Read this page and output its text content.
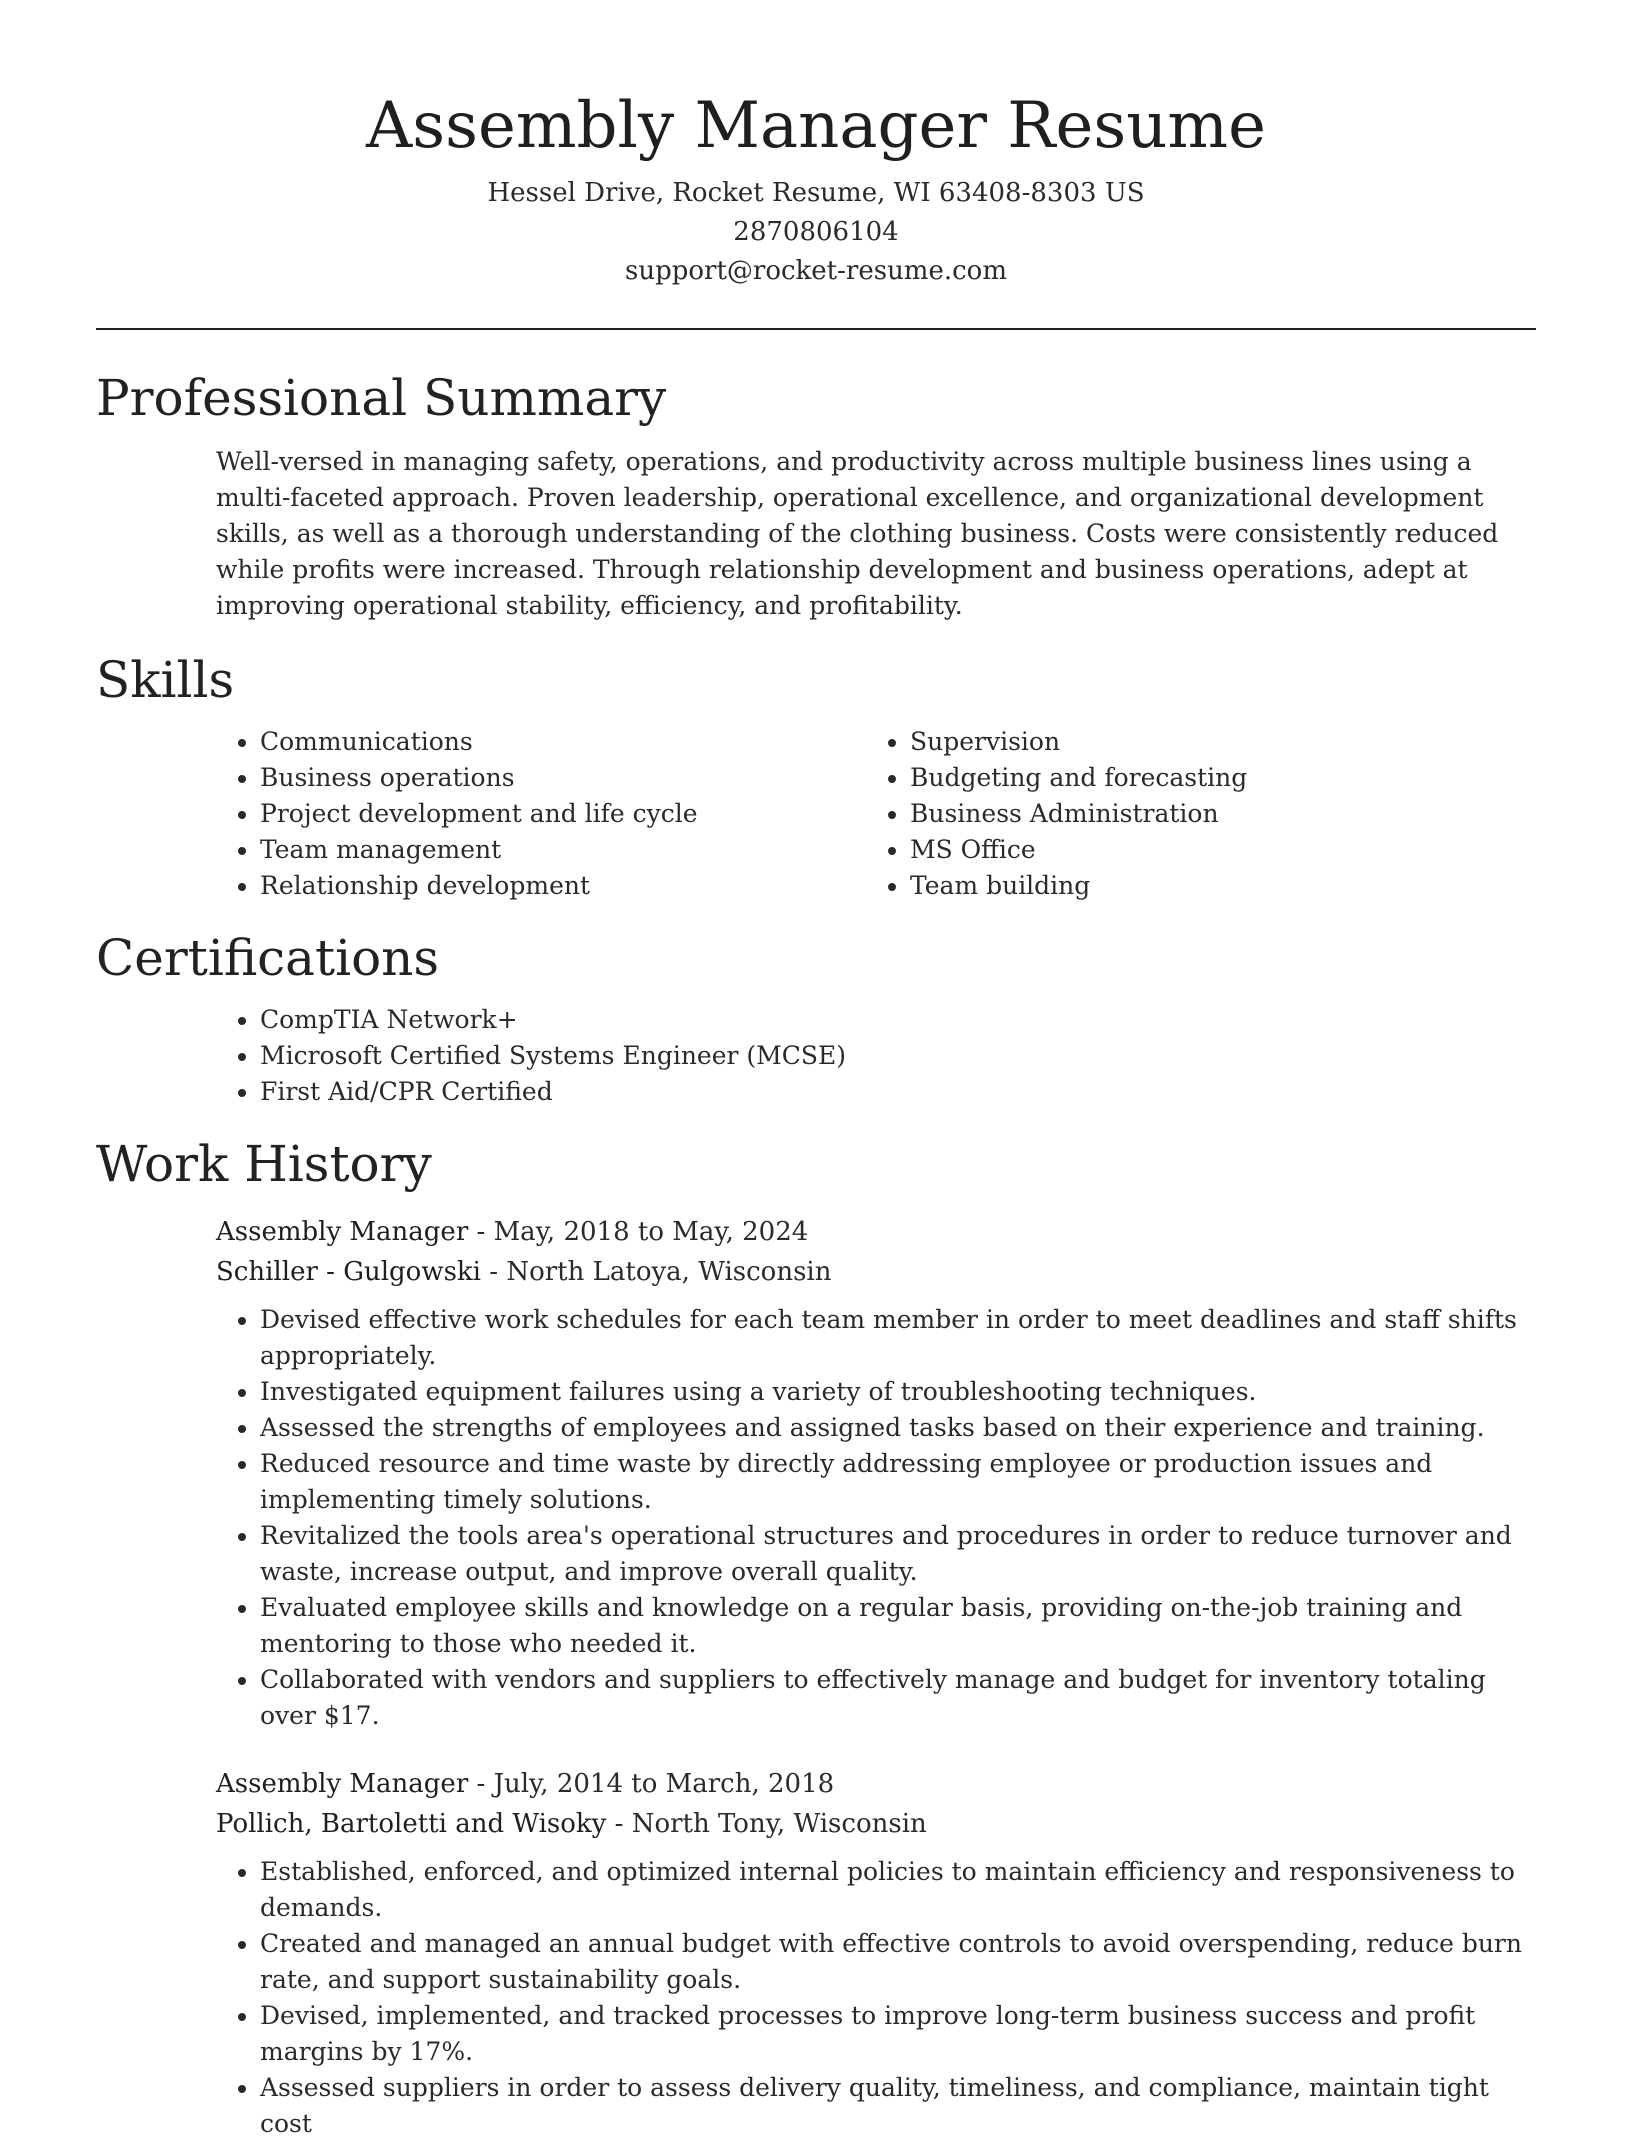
Assembly Manager Resume
Hessel Drive, Rocket Resume, WI 63408-8303 US
2870806104
support@rocket-resume.com
Professional Summary

Well-versed in managing safety, operations, and productivity across multiple business lines using a multi-faceted approach. Proven leadership, operational excellence, and organizational development skills, as well as a thorough understanding of the clothing business. Costs were consistently reduced while profits were increased. Through relationship development and business operations, adept at improving operational stability, efficiency, and profitability.

Skills
• Communications
• Business operations
• Project development and life cycle
• Team management
• Relationship development
• Supervision
• Budgeting and forecasting
• Business Administration
• MS Office
• Team building
Certifications
• CompTIA Network+
• Microsoft Certified Systems Engineer (MCSE)
• First Aid/CPR Certified
Work History
Assembly Manager - May, 2018 to May, 2024
Schiller - Gulgowski - North Latoya, Wisconsin
• Devised effective work schedules for each team member in order to meet deadlines and staff shifts appropriately.
• Investigated equipment failures using a variety of troubleshooting techniques.
• Assessed the strengths of employees and assigned tasks based on their experience and training.
• Reduced resource and time waste by directly addressing employee or production issues and implementing timely solutions.
• Revitalized the tools area's operational structures and procedures in order to reduce turnover and waste, increase output, and improve overall quality.
• Evaluated employee skills and knowledge on a regular basis, providing on-the-job training and mentoring to those who needed it.
• Collaborated with vendors and suppliers to effectively manage and budget for inventory totaling over $17.
Assembly Manager - July, 2014 to March, 2018
Pollich, Bartoletti and Wisoky - North Tony, Wisconsin
• Established, enforced, and optimized internal policies to maintain efficiency and responsiveness to demands.
• Created and managed an annual budget with effective controls to avoid overspending, reduce burn rate, and support sustainability goals.
• Devised, implemented, and tracked processes to improve long-term business success and profit margins by 17%.
• Assessed suppliers in order to assess delivery quality, timeliness, and compliance, maintain tight cost
